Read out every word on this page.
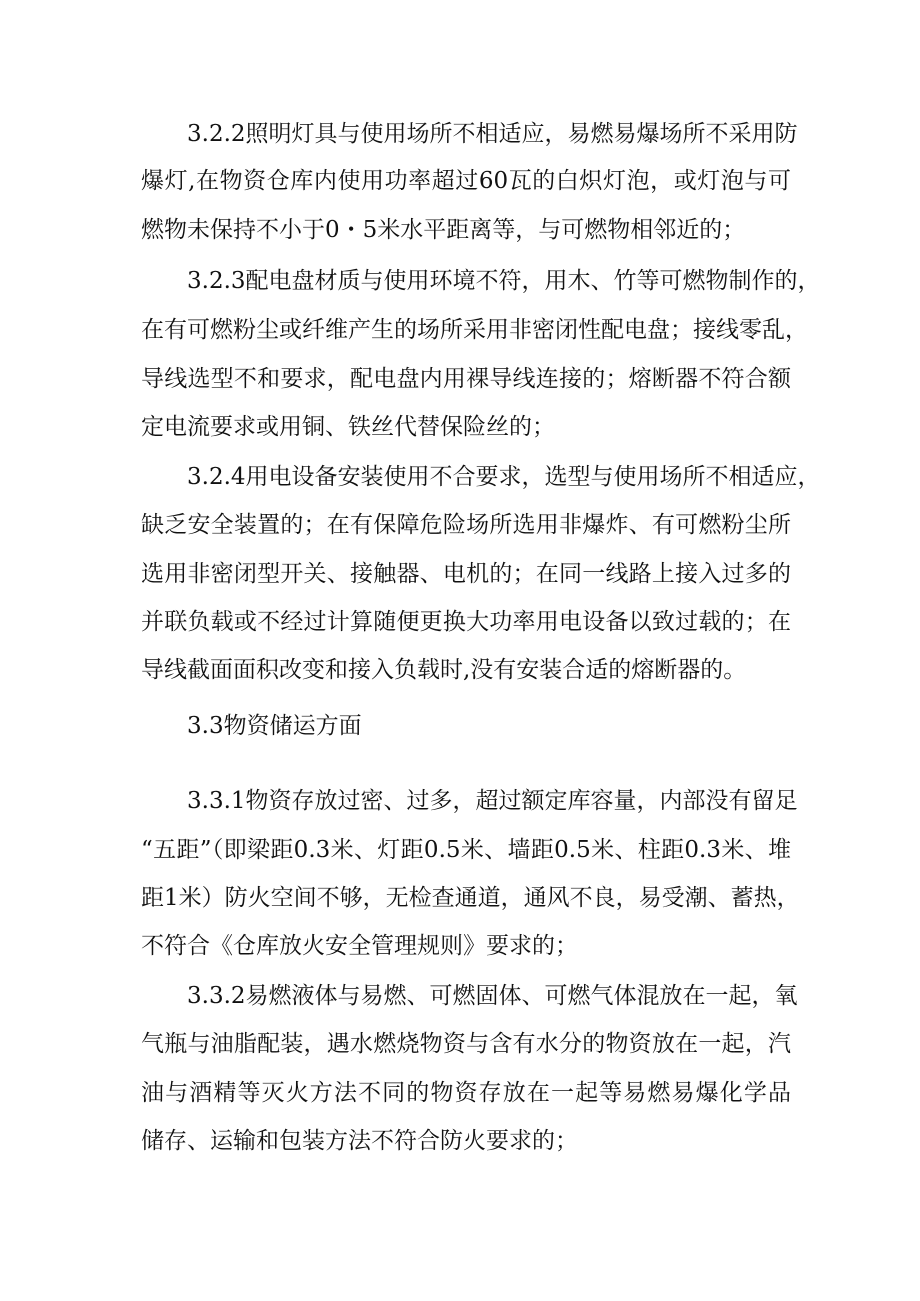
3.2.2照明灯具与使用场所不相适应，易燃易爆场所不采用防
爆灯,在物资仓库内使用功率超过60瓦的白炽灯泡，或灯泡与可
燃物未保持不小于0・5米水平距离等，与可燃物相邻近的；
3.2.3配电盘材质与使用环境不符，用木、竹等可燃物制作的，
在有可燃粉尘或纤维产生的场所采用非密闭性配电盘；接线零乱，
导线选型不和要求，配电盘内用裸导线连接的；熔断器不符合额
定电流要求或用铜、铁丝代替保险丝的；
3.2.4用电设备安装使用不合要求，选型与使用场所不相适应，
缺乏安全装置的；在有保障危险场所选用非爆炸、有可燃粉尘所
选用非密闭型开关、接触器、电机的；在同一线路上接入过多的
并联负载或不经过计算随便更换大功率用电设备以致过载的；在
导线截面面积改变和接入负载时,没有安装合适的熔断器的。
3.3物资储运方面
3.3.1物资存放过密、过多，超过额定库容量，内部没有留足
“五距”（即梁距0.3米、灯距0.5米、墙距0.5米、柱距0.3米、堆
距1米）防火空间不够，无检查通道，通风不良，易受潮、蓄热，
不符合《仓库放火安全管理规则》要求的；
3.3.2易燃液体与易燃、可燃固体、可燃气体混放在一起，氧
气瓶与油脂配装，遇水燃烧物资与含有水分的物资放在一起，汽
油与酒精等灭火方法不同的物资存放在一起等易燃易爆化学品
储存、运输和包装方法不符合防火要求的；
